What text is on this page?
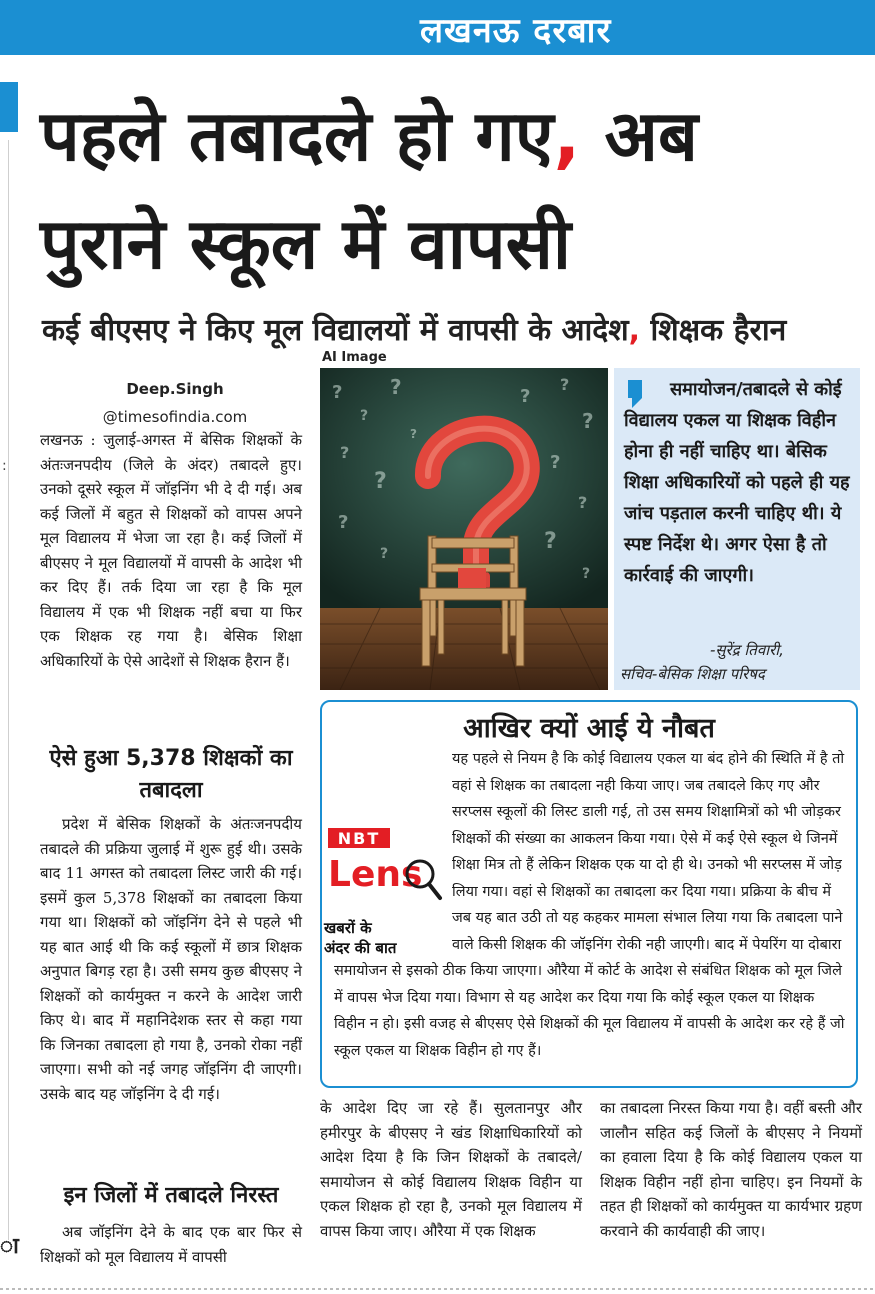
लखनऊ दरबार
:
ा
पहले तबादले हो गए, अब
पुराने स्कूल में वापसी
कई बीएसए ने किए मूल विद्यालयों में वापसी के आदेश, शिक्षक हैरान
Deep.Singh
@timesofindia.com
लखनऊ : जुलाई-अगस्त में बेसिक शिक्षकों के अंतःजनपदीय (जिले के अंदर) तबादले हुए। उनको दूसरे स्कूल में जॉइनिंग भी दे दी गई। अब कई जिलों में बहुत से शिक्षकों को वापस अपने मूल विद्यालय में भेजा जा रहा है। कई जिलों में बीएसए ने मूल विद्यालयों में वापसी के आदेश भी कर दिए हैं। तर्क दिया जा रहा है कि मूल विद्यालय में एक भी शिक्षक नहीं बचा या फिर एक शिक्षक रह गया है। बेसिक शिक्षा अधिकारियों के ऐसे आदेशों से शिक्षक हैरान हैं।
ऐसे हुआ 5,378 शिक्षकों का तबादला
प्रदेश में बेसिक शिक्षकों के अंतःजनपदीय तबादले की प्रक्रिया जुलाई में शुरू हुई थी। उसके बाद 11 अगस्त को तबादला लिस्ट जारी की गई। इसमें कुल 5,378 शिक्षकों का तबादला किया गया था। शिक्षकों को जॉइनिंग देने से पहले भी यह बात आई थी कि कई स्कूलों में छात्र शिक्षक अनुपात बिगड़ रहा है। उसी समय कुछ बीएसए ने शिक्षकों को कार्यमुक्त न करने के आदेश जारी किए थे। बाद में महानिदेशक स्तर से कहा गया कि जिनका तबादला हो गया है, उनको रोका नहीं जाएगा। सभी को नई जगह जॉइनिंग दी जाएगी। उसके बाद यह जॉइनिंग दे दी गई।
इन जिलों में तबादले निरस्त
अब जॉइनिंग देने के बाद एक बार फिर से शिक्षकों को मूल विद्यालय में वापसी
AI Image
?
?
?	?
?
?
?
?
?
?
?
?
?
?
?	?
समायोजन/तबादले से कोई विद्यालय एकल या शिक्षक विहीन होना ही नहीं चाहिए था। बेसिक शिक्षा अधिकारियों को पहले ही यह जांच पड़ताल करनी चाहिए थी। ये स्पष्ट निर्देश थे। अगर ऐसा है तो कार्रवाई की जाएगी।
-सुरेंद्र तिवारी,
सचिव-बेसिक शिक्षा परिषद
आखिर क्यों आई ये नौबत
NBT
Lens
खबरों के
अंदर की बात
यह पहले से नियम है कि कोई विद्यालय एकल या बंद होने की स्थिति में है तो वहां से शिक्षक का तबादला नही किया जाए। जब तबादले किए गए और सरप्लस स्कूलों की लिस्ट डाली गई, तो उस समय शिक्षामित्रों को भी जोड़कर शिक्षकों की संख्या का आकलन किया गया। ऐसे में कई ऐसे स्कूल थे जिनमें शिक्षा मित्र तो हैं लेकिन शिक्षक एक या दो ही थे। उनको भी सरप्लस में जोड़ लिया गया। वहां से शिक्षकों का तबादला कर दिया गया। प्रक्रिया के बीच में जब यह बात उठी तो यह कहकर मामला संभाल लिया गया कि तबादला पाने वाले किसी शिक्षक की जॉइनिंग रोकी नही जाएगी। बाद में पेयरिंग या दोबारा समायोजन से इसको ठीक किया जाएगा। औरैया में कोर्ट के आदेश से संबंधित शिक्षक को मूल जिले में वापस भेज दिया गया। विभाग से यह आदेश कर दिया गया कि कोई स्कूल एकल या शिक्षक विहीन न हो। इसी वजह से बीएसए ऐसे शिक्षकों की मूल विद्यालय में वापसी के आदेश कर रहे हैं जो स्कूल एकल या शिक्षक विहीन हो गए हैं।
के आदेश दिए जा रहे हैं। सुलतानपुर और हमीरपुर के बीएसए ने खंड शिक्षाधिकारियों को आदेश दिया है कि जिन शिक्षकों के तबादले/समायोजन से कोई विद्यालय शिक्षक विहीन या एकल शिक्षक हो रहा है, उनको मूल विद्यालय में वापस किया जाए। औरैया में एक शिक्षक
का तबादला निरस्त किया गया है। वहीं बस्ती और जालौन सहित कई जिलों के बीएसए ने नियमों का हवाला दिया है कि कोई विद्यालय एकल या शिक्षक विहीन नहीं होना चाहिए। इन नियमों के तहत ही शिक्षकों को कार्यमुक्त या कार्यभार ग्रहण करवाने की कार्यवाही की जाए।
